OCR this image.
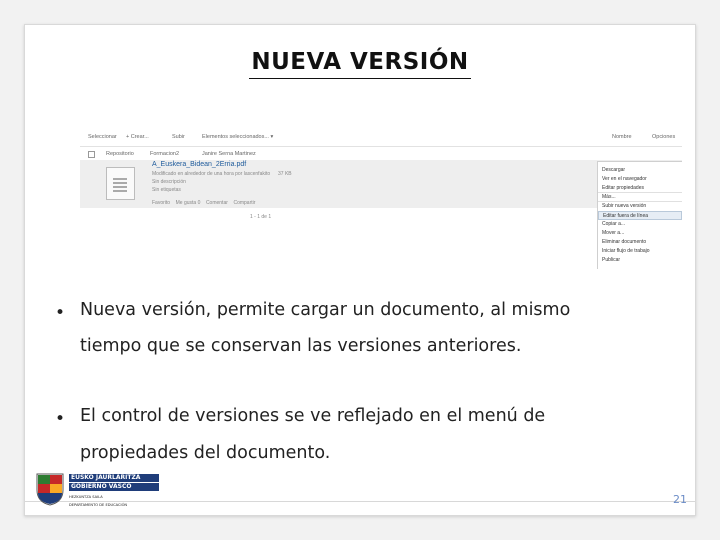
NUEVA VERSIÓN
Seleccionar + Crear...	Subir	Elementos seleccionados... ▾	Nombre	Opciones
Repositorio	Formacion2	Janire Serna Martinez
A_Euskera_Bidean_2Erria.pdf
Modificado en alrededor de una hora por lascenfakito 37 KB
Sin descripción
Sin etiquetas
Favorito Me gusta 0 Comentar Compartir
1 - 1 de 1
Descargar
Ver en el navegador
Editar propiedades
Más...
Subir nueva versión
Editar fuera de línea
Copiar a...
Mover a...
Eliminar documento
Iniciar flujo de trabajo
Publicar
• Nueva versión, permite cargar un documento, al mismo
tiempo que se conservan las versiones anteriores.
• El control de versiones se ve reflejado en el menú de
propiedades del documento.
21
EUSKO JAURLARITZA
GOBIERNO VASCO
HEZKUNTZA SAILA
DEPARTAMENTO DE EDUCACIÓN
